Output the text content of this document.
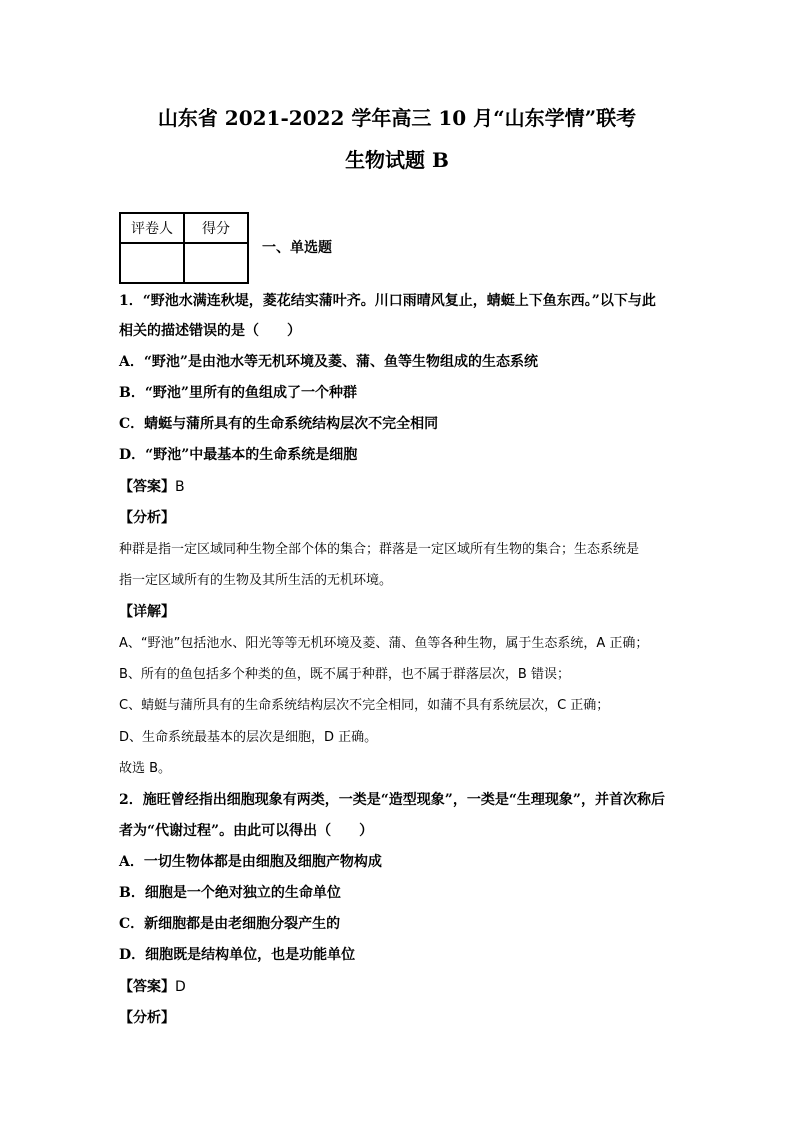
山东省 2021-2022 学年高三 10 月“山东学情”联考
生物试题 B
评卷人	得分

一、单选题
1．“野池水满连秋堤，菱花结实蒲叶齐。川口雨晴风复止，蜻蜓上下鱼东西。”以下与此
相关的描述错误的是（　　）
A．“野池”是由池水等无机环境及菱、蒲、鱼等生物组成的生态系统
B．“野池”里所有的鱼组成了一个种群
C．蜻蜓与蒲所具有的生命系统结构层次不完全相同
D．“野池”中最基本的生命系统是细胞
【答案】B
【分析】
种群是指一定区域同种生物全部个体的集合；群落是一定区域所有生物的集合；生态系统是
指一定区域所有的生物及其所生活的无机环境。
【详解】
A、“野池”包括池水、阳光等等无机环境及菱、蒲、鱼等各种生物，属于生态系统，A 正确；
B、所有的鱼包括多个种类的鱼，既不属于种群，也不属于群落层次，B 错误；
C、蜻蜓与蒲所具有的生命系统结构层次不完全相同，如蒲不具有系统层次，C 正确；
D、生命系统最基本的层次是细胞，D 正确。
故选 B。
2．施旺曾经指出细胞现象有两类，一类是“造型现象”，一类是“生理现象”，并首次称后
者为“代谢过程”。由此可以得出（　　）
A．一切生物体都是由细胞及细胞产物构成
B．细胞是一个绝对独立的生命单位
C．新细胞都是由老细胞分裂产生的
D．细胞既是结构单位，也是功能单位
【答案】D
【分析】
